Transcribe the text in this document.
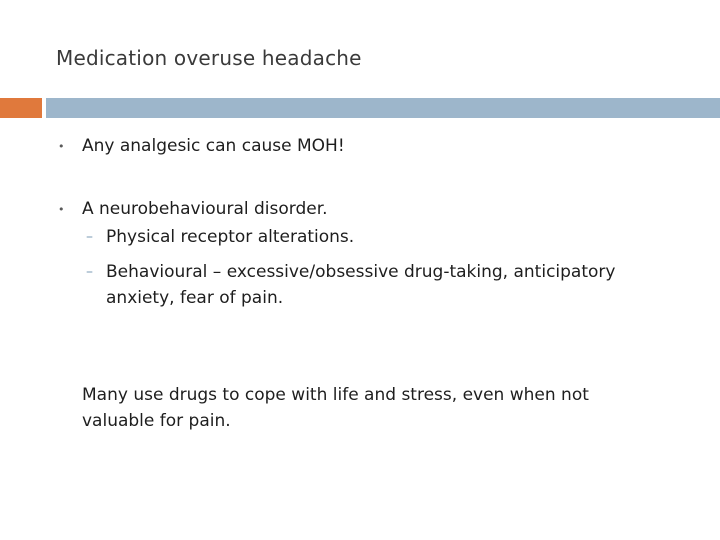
Medication overuse headache
• Any analgesic can cause MOH!
• A neurobehavioural disorder.
– Physical receptor alterations.
– Behavioural – excessive/obsessive drug-taking, anticipatory
anxiety, fear of pain.
Many use drugs to cope with life and stress, even when not
valuable for pain.
